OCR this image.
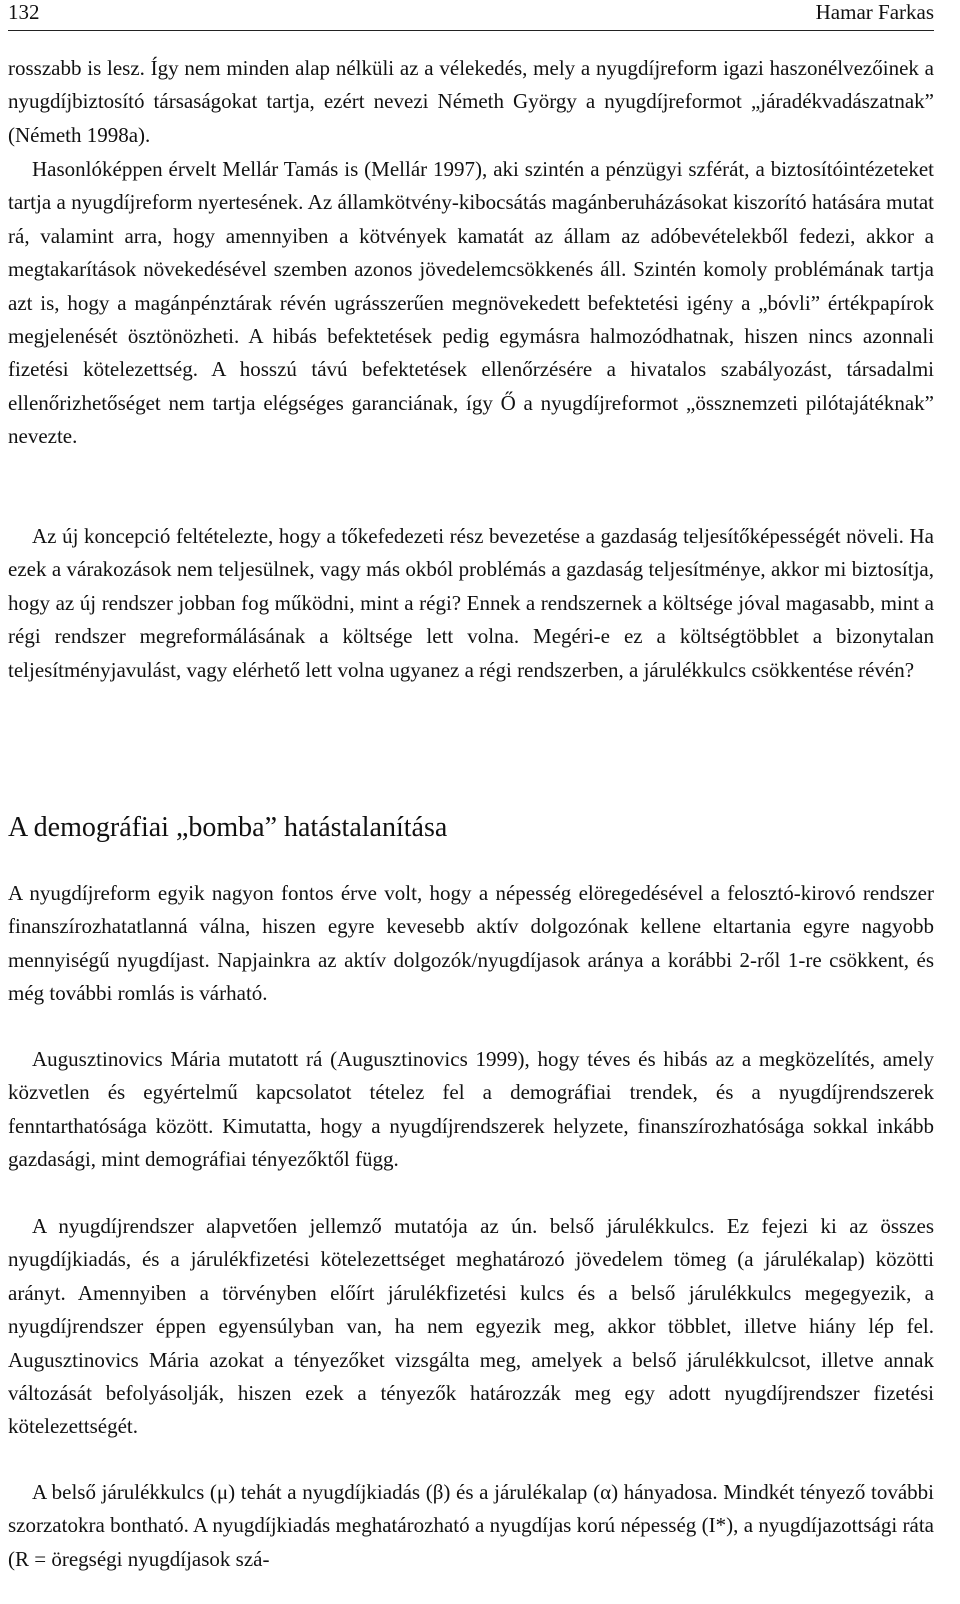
132	Hamar Farkas

rosszabb is lesz. Így nem minden alap nélküli az a vélekedés, mely a nyugdíjreform igazi haszonélvezőinek a nyugdíjbiztosító társaságokat tartja, ezért nevezi Németh György a nyugdíjreformot „járadékvadászatnak” (Németh 1998a).

Hasonlóképpen érvelt Mellár Tamás is (Mellár 1997), aki szintén a pénzügyi szférát, a biztosítóintézeteket tartja a nyugdíjreform nyertesének. Az államkötvény-kibocsátás magánberuházásokat kiszorító hatására mutat rá, valamint arra, hogy amennyiben a kötvények kamatát az állam az adóbevételekből fedezi, akkor a megtakarítások növekedésével szemben azonos jövedelemcsökkenés áll. Szintén komoly problémának tartja azt is, hogy a magánpénztárak révén ugrásszerűen megnövekedett befektetési igény a „bóvli” értékpapírok megjelenését ösztönözheti. A hibás befektetések pedig egymásra halmozódhatnak, hiszen nincs azonnali fizetési kötelezettség. A hosszú távú befektetések ellenőrzésére a hivatalos szabályozást, társadalmi ellenőrizhetőséget nem tartja elégséges garanciának, így Ő a nyugdíjreformot „össznemzeti pilótajátéknak” nevezte.

Az új koncepció feltételezte, hogy a tőkefedezeti rész bevezetése a gazdaság teljesítőképességét növeli. Ha ezek a várakozások nem teljesülnek, vagy más okból problémás a gazdaság teljesítménye, akkor mi biztosítja, hogy az új rendszer jobban fog működni, mint a régi? Ennek a rendszernek a költsége jóval magasabb, mint a régi rendszer megreformálásának a költsége lett volna. Megéri-e ez a költségtöbblet a bizonytalan teljesítményjavulást, vagy elérhető lett volna ugyanez a régi rendszerben, a járulékkulcs csökkentése révén?

A demográfiai „bomba” hatástalanítása

A nyugdíjreform egyik nagyon fontos érve volt, hogy a népesség elöregedésével a felosztó-kirovó rendszer finanszírozhatatlanná válna, hiszen egyre kevesebb aktív dolgozónak kellene eltartania egyre nagyobb mennyiségű nyugdíjast. Napjainkra az aktív dolgozók/nyugdíjasok aránya a korábbi 2-ről 1-re csökkent, és még további romlás is várható.

Augusztinovics Mária mutatott rá (Augusztinovics 1999), hogy téves és hibás az a megközelítés, amely közvetlen és egyértelmű kapcsolatot tételez fel a demográfiai trendek, és a nyugdíjrendszerek fenntarthatósága között. Kimutatta, hogy a nyugdíjrendszerek helyzete, finanszírozhatósága sokkal inkább gazdasági, mint demográfiai tényezőktől függ.

A nyugdíjrendszer alapvetően jellemző mutatója az ún. belső járulékkulcs. Ez fejezi ki az összes nyugdíjkiadás, és a járulékfizetési kötelezettséget meghatározó jövedelem tömeg (a járulékalap) közötti arányt. Amennyiben a törvényben előírt járulékfizetési kulcs és a belső járulékkulcs megegyezik, a nyugdíjrendszer éppen egyensúlyban van, ha nem egyezik meg, akkor többlet, illetve hiány lép fel. Augusztinovics Mária azokat a tényezőket vizsgálta meg, amelyek a belső járulékkulcsot, illetve annak változását befolyásolják, hiszen ezek a tényezők határozzák meg egy adott nyugdíjrendszer fizetési kötelezettségét.

A belső járulékkulcs (μ) tehát a nyugdíjkiadás (β) és a járulékalap (α) hányadosa. Mindkét tényező további szorzatokra bontható. A nyugdíjkiadás meghatározható a nyugdíjas korú népesség (I*), a nyugdíjazottsági ráta (R = öregségi nyugdíjasok szá-
